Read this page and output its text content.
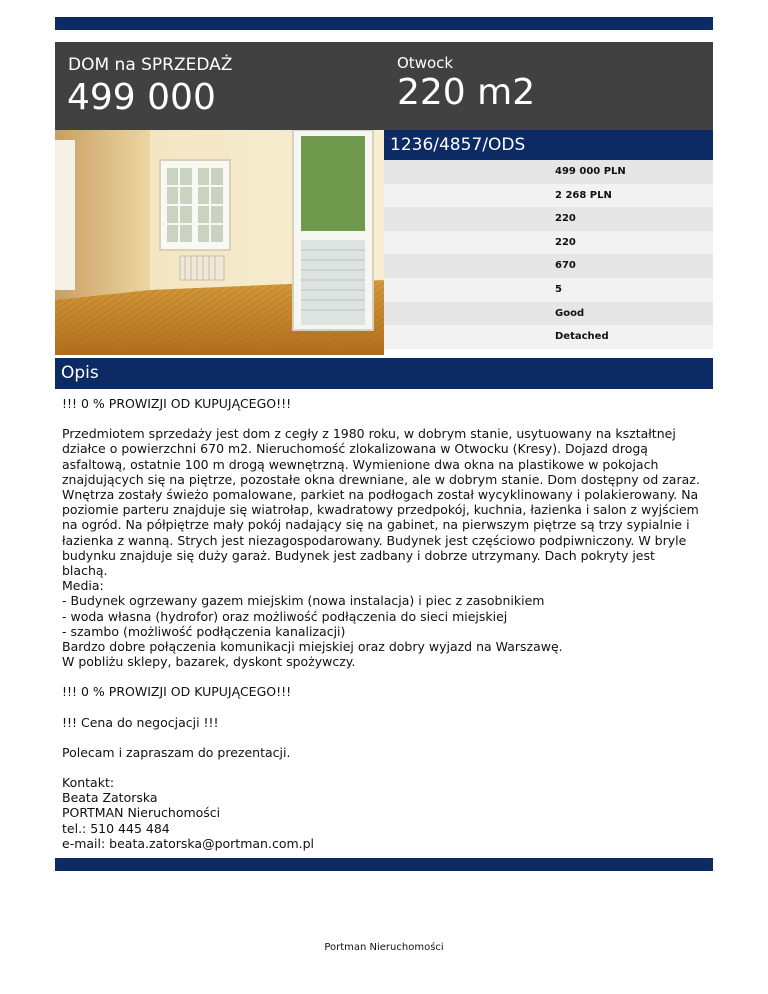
DOM na SPRZEDAŻ
499 000
Otwock
220 m2
1236/4857/ODS
499 000 PLN
2 268 PLN
220
220
670
5
Good
Detached
Opis

!!! 0 % PROWIZJI OD KUPUJĄCEGO!!!

Przedmiotem sprzedaży jest dom z cegły z 1980 roku, w dobrym stanie, usytuowany na kształtnej działce o powierzchni 670 m2. Nieruchomość zlokalizowana w Otwocku (Kresy). Dojazd drogą asfaltową, ostatnie 100 m drogą wewnętrzną. Wymienione dwa okna na plastikowe w pokojach znajdujących się na piętrze, pozostałe okna drewniane, ale w dobrym stanie. Dom dostępny od zaraz. Wnętrza zostały świeżo pomalowane, parkiet na podłogach został wycyklinowany i polakierowany. Na poziomie parteru znajduje się wiatrołap, kwadratowy przedpokój, kuchnia, łazienka i salon z wyjściem na ogród. Na półpiętrze mały pokój nadający się na gabinet, na pierwszym piętrze są trzy sypialnie i łazienka z wanną. Strych jest niezagospodarowany. Budynek jest częściowo podpiwniczony. W bryle budynku znajduje się duży garaż. Budynek jest zadbany i dobrze utrzymany. Dach pokryty jest blachą.
Media:
- Budynek ogrzewany gazem miejskim (nowa instalacja) i piec z zasobnikiem
- woda własna (hydrofor) oraz możliwość podłączenia do sieci miejskiej
- szambo (możliwość podłączenia kanalizacji)
Bardzo dobre połączenia komunikacji miejskiej oraz dobry wyjazd na Warszawę.
W pobliżu sklepy, bazarek, dyskont spożywczy.

!!! 0 % PROWIZJI OD KUPUJĄCEGO!!!

!!! Cena do negocjacji !!!

Polecam i zapraszam do prezentacji.

Kontakt:
Beata Zatorska
PORTMAN Nieruchomości
tel.: 510 445 484
e-mail: beata.zatorska@portman.com.pl

Portman Nieruchomości
